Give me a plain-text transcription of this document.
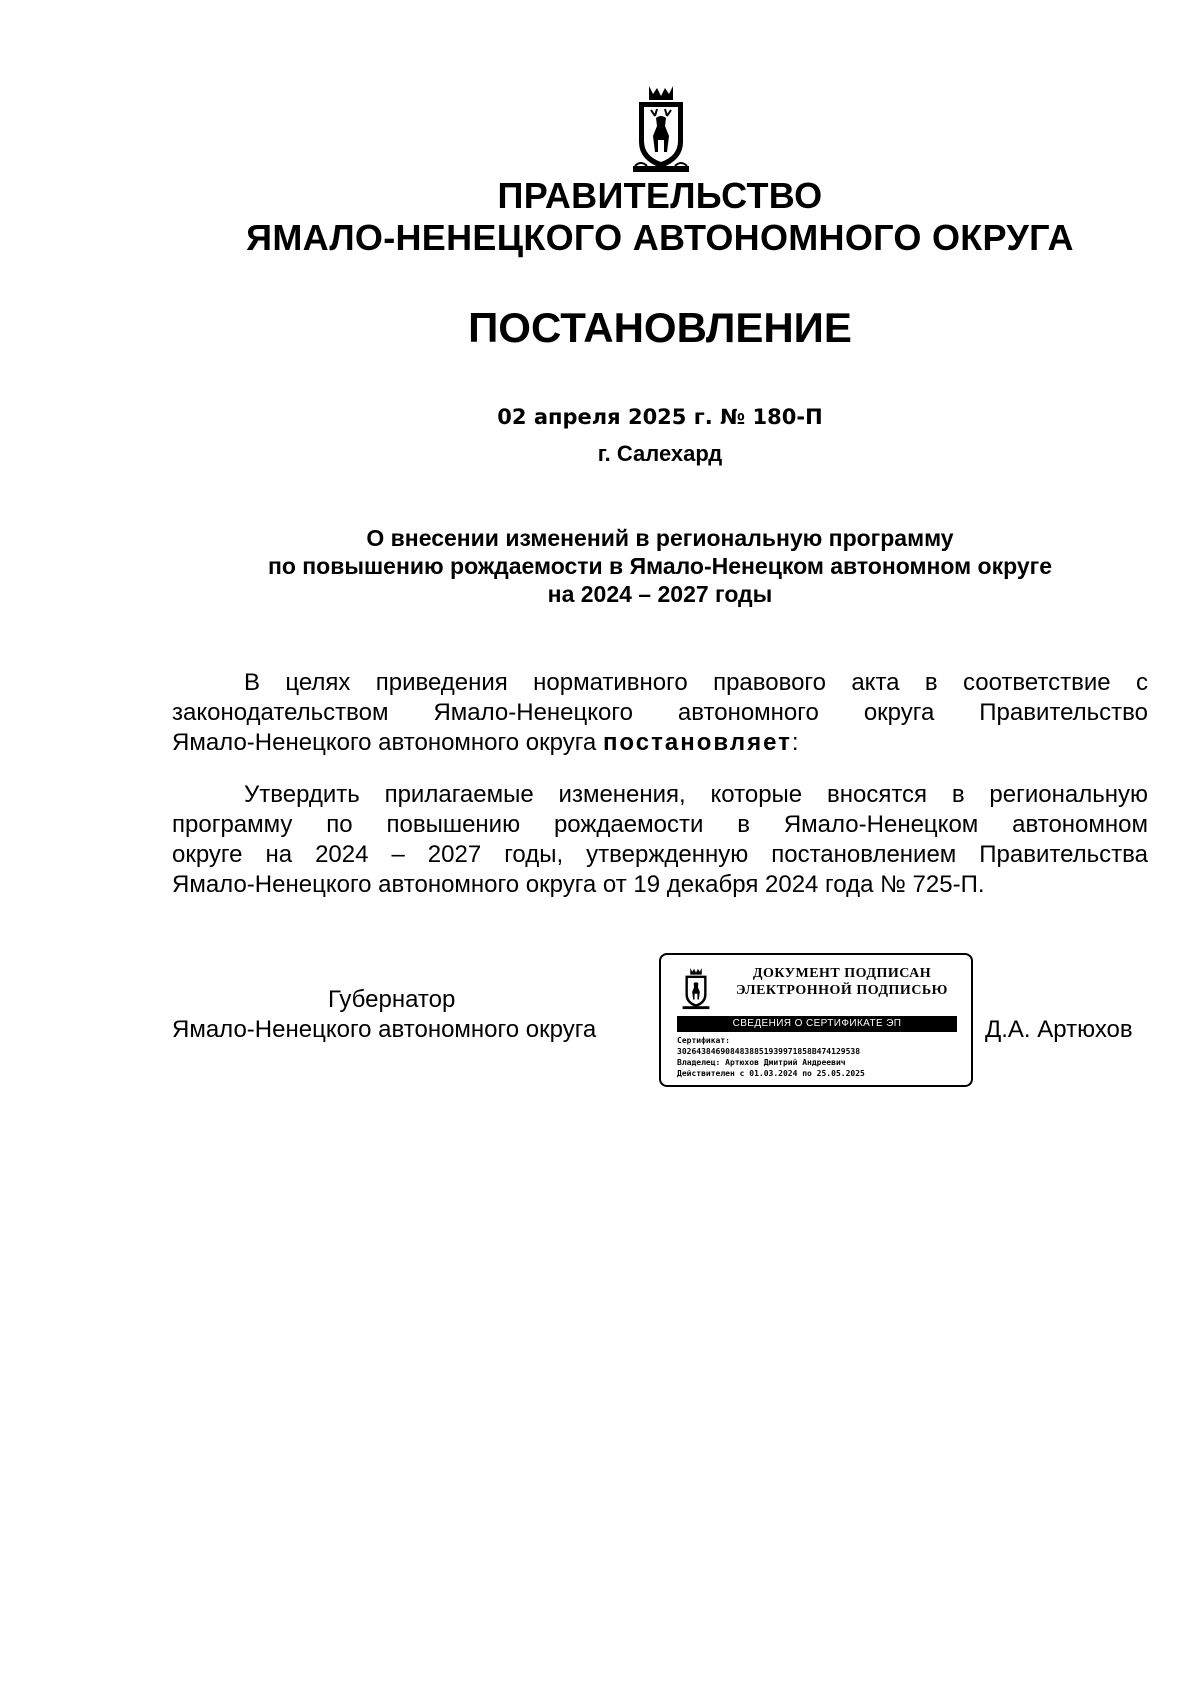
ПРАВИТЕЛЬСТВО
ЯМАЛО-НЕНЕЦКОГО АВТОНОМНОГО ОКРУГА
ПОСТАНОВЛЕНИЕ
02 апреля 2025 г. № 180-П
г. Салехард
О внесении изменений в региональную программу
по повышению рождаемости в Ямало-Ненецком автономном округе
на 2024 – 2027 годы
В целях приведения нормативного правового акта в соответствие с
законодательством Ямало-Ненецкого автономного округа Правительство
Ямало-Ненецкого автономного округа постановляет:
Утвердить прилагаемые изменения, которые вносятся в региональную
программу по повышению рождаемости в Ямало-Ненецком автономном
округе на 2024 – 2027 годы, утвержденную постановлением Правительства
Ямало-Ненецкого автономного округа от 19 декабря 2024 года № 725-П.
Губернатор
Ямало-Ненецкого автономного округа	Д.А. Артюхов
ДОКУМЕНТ ПОДПИСАН
ЭЛЕКТРОННОЙ ПОДПИСЬЮ
СВЕДЕНИЯ О СЕРТИФИКАТЕ ЭП
Сертификат:
3026438469084838851939971858B474129538
Владелец: Артюхов Дмитрий Андреевич
Действителен с 01.03.2024 по 25.05.2025
